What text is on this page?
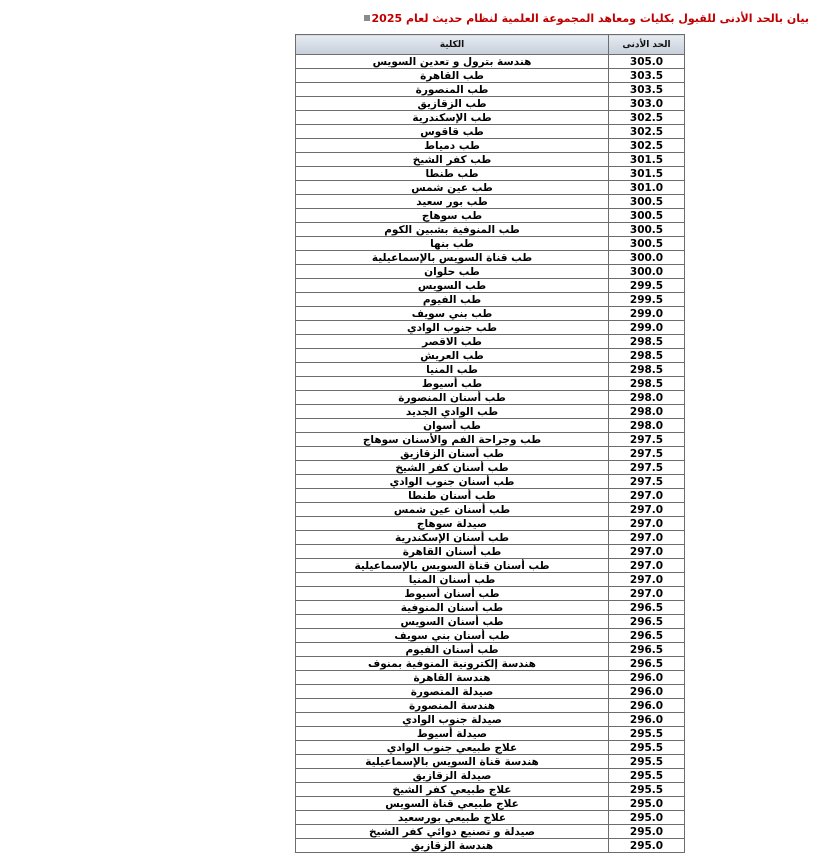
بيان بالحد الأدنى للقبول بكليات ومعاهد المجموعة العلمية لنظام حديث لعام 2025
الكلية	الحد الأدنى
هندسة بترول و تعدين السويس	305.0
طب القاهرة	303.5
طب المنصورة	303.5
طب الزقازيق	303.0
طب الإسكندرية	302.5
طب قاقوس	302.5
طب دمياط	302.5
طب كفر الشيخ	301.5
طب طنطا	301.5
طب عين شمس	301.0
طب بور سعيد	300.5
طب سوهاج	300.5
طب المنوفية بشبين الكوم	300.5
طب بنها	300.5
طب قناة السويس بالإسماعيلية	300.0
طب حلوان	300.0
طب السويس	299.5
طب الفيوم	299.5
طب بني سويف	299.0
طب جنوب الوادي	299.0
طب الاقصر	298.5
طب العريش	298.5
طب المنيا	298.5
طب أسيوط	298.5
طب أسنان المنصورة	298.0
طب الوادي الجديد	298.0
طب أسوان	298.0
طب وجراحة الفم والأسنان سوهاج	297.5
طب أسنان الزقازيق	297.5
طب أسنان كفر الشيخ	297.5
طب أسنان جنوب الوادي	297.5
طب أسنان طنطا	297.0
طب أسنان عين شمس	297.0
صيدلة سوهاج	297.0
طب أسنان الإسكندرية	297.0
طب أسنان القاهرة	297.0
طب أسنان قناة السويس بالإسماعيلية	297.0
طب أسنان المنيا	297.0
طب أسنان أسيوط	297.0
طب أسنان المنوفية	296.5
طب أسنان السويس	296.5
طب أسنان بني سويف	296.5
طب أسنان الفيوم	296.5
هندسة إلكترونية المنوفية بمنوف	296.5
هندسة القاهرة	296.0
صيدلة المنصورة	296.0
هندسة المنصورة	296.0
صيدلة جنوب الوادي	296.0
صيدلة أسيوط	295.5
علاج طبيعي جنوب الوادي	295.5
هندسة قناة السويس بالإسماعيلية	295.5
صيدلة الزقازيق	295.5
علاج طبيعي كفر الشيخ	295.5
علاج طبيعي قناة السويس	295.0
علاج طبيعي بورسعيد	295.0
صيدلة و تصنيع دوائي كفر الشيخ	295.0
هندسة الزقازيق	295.0
